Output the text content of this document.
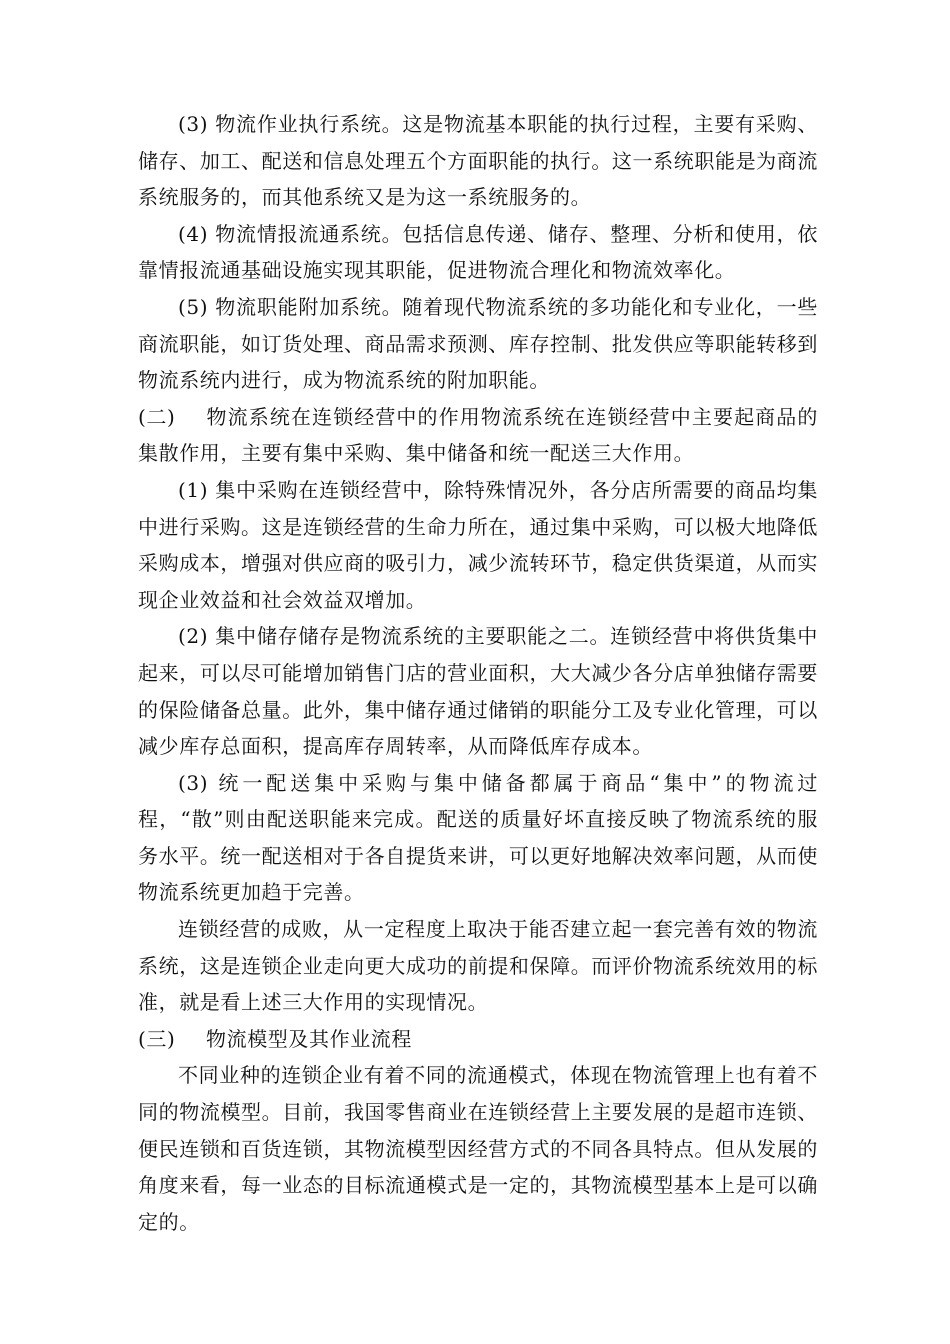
(3) 物流作业执行系统。这是物流基本职能的执行过程，主要有采购、储存、加工、配送和信息处理五个方面职能的执行。这一系统职能是为商流系统服务的，而其他系统又是为这一系统服务的。

(4) 物流情报流通系统。包括信息传递、储存、整理、分析和使用，依靠情报流通基础设施实现其职能，促进物流合理化和物流效率化。

(5) 物流职能附加系统。随着现代物流系统的多功能化和专业化，一些商流职能，如订货处理、商品需求预测、库存控制、批发供应等职能转移到物流系统内进行，成为物流系统的附加职能。

(二) 物流系统在连锁经营中的作用物流系统在连锁经营中主要起商品的集散作用，主要有集中采购、集中储备和统一配送三大作用。

(1) 集中采购在连锁经营中，除特殊情况外，各分店所需要的商品均集中进行采购。这是连锁经营的生命力所在，通过集中采购，可以极大地降低采购成本，增强对供应商的吸引力，减少流转环节，稳定供货渠道，从而实现企业效益和社会效益双增加。

(2) 集中储存储存是物流系统的主要职能之二。连锁经营中将供货集中起来，可以尽可能增加销售门店的营业面积，大大减少各分店单独储存需要的保险储备总量。此外，集中储存通过储销的职能分工及专业化管理，可以减少库存总面积，提高库存周转率，从而降低库存成本。

(3) 统一配送集中采购与集中储备都属于商品“集中”的物流过程，“散”则由配送职能来完成。配送的质量好坏直接反映了物流系统的服务水平。统一配送相对于各自提货来讲，可以更好地解决效率问题，从而使物流系统更加趋于完善。

连锁经营的成败，从一定程度上取决于能否建立起一套完善有效的物流系统，这是连锁企业走向更大成功的前提和保障。而评价物流系统效用的标准，就是看上述三大作用的实现情况。

(三) 物流模型及其作业流程

不同业种的连锁企业有着不同的流通模式，体现在物流管理上也有着不同的物流模型。目前，我国零售商业在连锁经营上主要发展的是超市连锁、便民连锁和百货连锁，其物流模型因经营方式的不同各具特点。但从发展的角度来看，每一业态的目标流通模式是一定的，其物流模型基本上是可以确定的。
